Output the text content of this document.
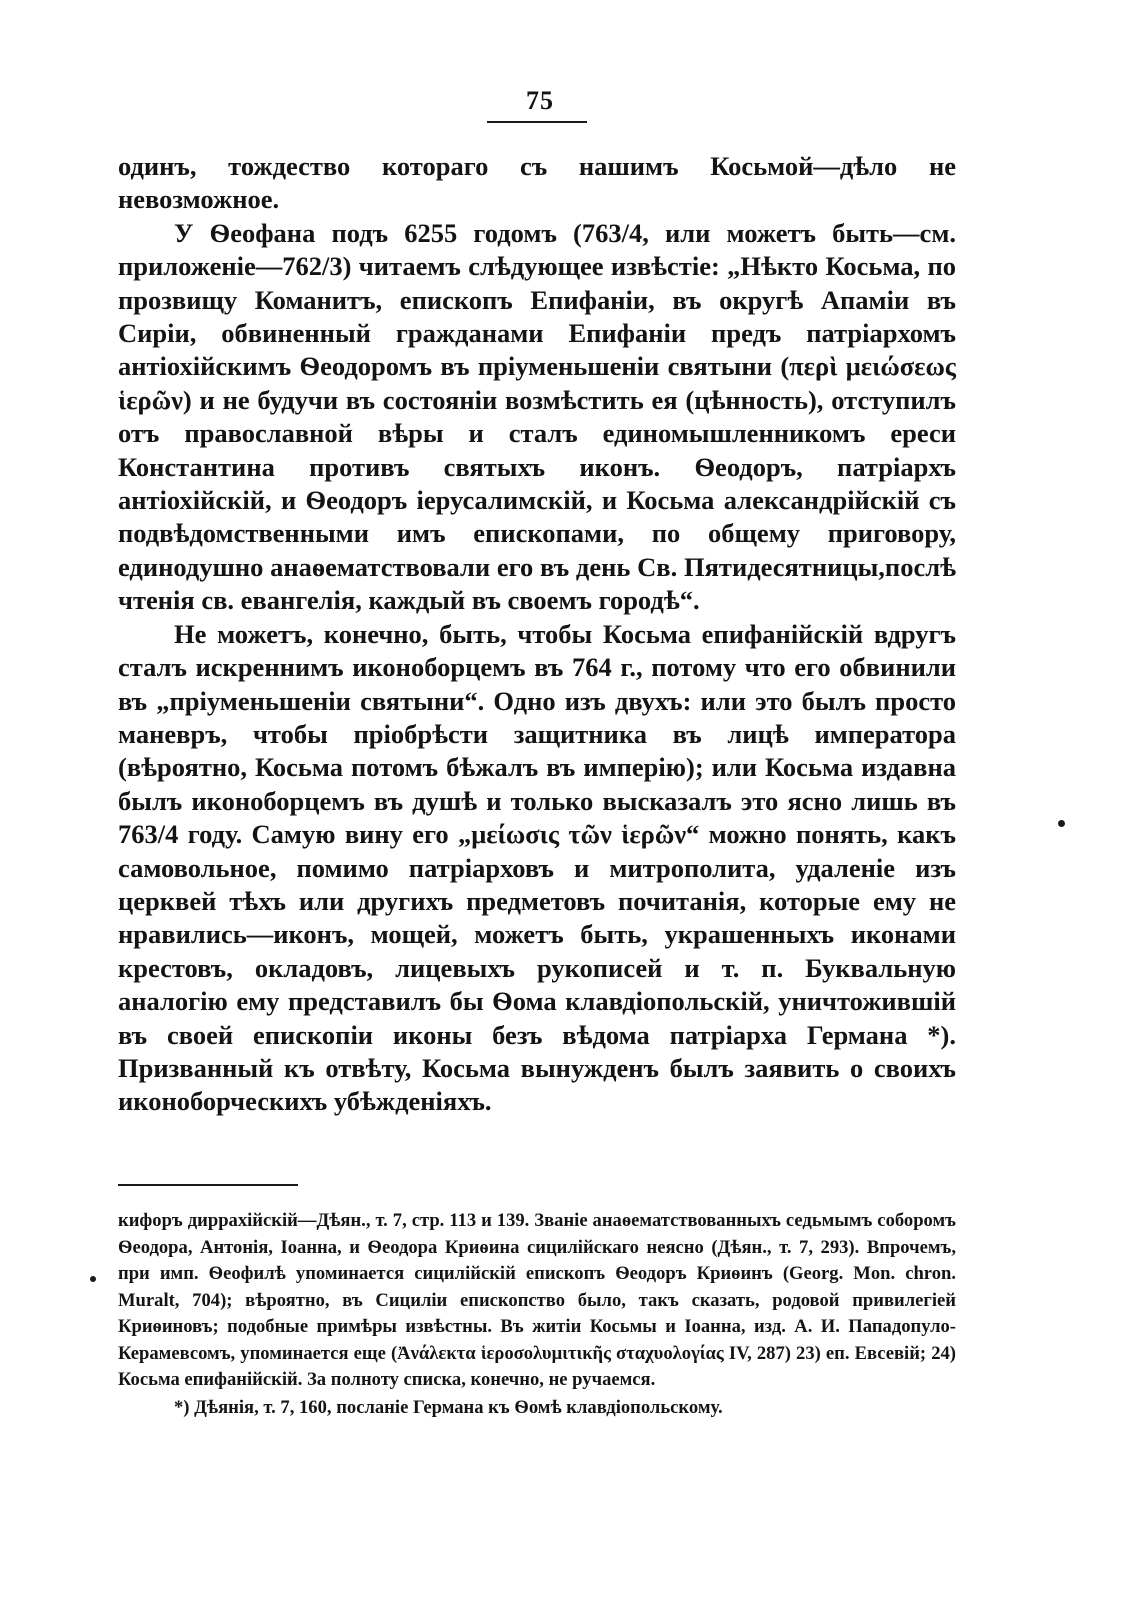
75

одинъ, тождество котораго съ нашимъ Косьмой—дѣло не невозможное.

У Ѳеофана подъ 6255 годомъ (763/4, или можетъ быть—см. приложеніе—762/3) читаемъ слѣдующее извѣстіе: „Нѣкто Косьма, по прозвищу Команитъ, епископъ Епифаніи, въ округѣ Апаміи въ Сиріи, обвиненный гражданами Епифаніи предъ патріархомъ антіохійскимъ Ѳеодоромъ въ пріуменьшеніи святыни (περὶ μειώσεως ἱερῶν) и не будучи въ состояніи возмѣстить ея (цѣнность), отступилъ отъ православной вѣры и сталъ единомышленникомъ ереси Константина противъ святыхъ иконъ. Ѳеодоръ, патріархъ антіохійскій, и Ѳеодоръ іерусалимскій, и Косьма александрійскій съ подвѣдомственными имъ епископами, по общему приговору, единодушно анаѳематствовали его въ день Св. Пятидесятницы,послѣ чтенія св. евангелія, каждый въ своемъ городѣ“.

Не можетъ, конечно, быть, чтобы Косьма епифанійскій вдругъ сталъ искреннимъ иконоборцемъ въ 764 г., потому что его обвинили въ „пріуменьшеніи святыни“. Одно изъ двухъ: или это былъ просто маневръ, чтобы пріобрѣсти защитника въ лицѣ императора (вѣроятно, Косьма потомъ бѣжалъ въ имперію); или Косьма издавна былъ иконоборцемъ въ душѣ и только высказалъ это ясно лишь въ 763/4 году. Самую вину его „μείωσις τῶν ἱερῶν“ можно понять, какъ самовольное, помимо патріарховъ и митрополита, удаленіе изъ церквей тѣхъ или другихъ предметовъ почитанія, которые ему не нравились—иконъ, мощей, можетъ быть, украшенныхъ иконами крестовъ, окладовъ, лицевыхъ рукописей и т. п. Буквальную аналогію ему представилъ бы Ѳома клавдіопольскій, уничтожившій въ своей епископіи иконы безъ вѣдома патріарха Германа *). Призванный къ отвѣту, Косьма вынужденъ былъ заявить о своихъ иконоборческихъ убѣжденіяхъ.

кифоръ диррахійскій—Дѣян., т. 7, стр. 113 и 139. Званіе анаѳематствованныхъ седьмымъ соборомъ Ѳеодора, Антонія, Іоанна, и Ѳеодора Криѳина сицилійскаго неясно (Дѣян., т. 7, 293). Впрочемъ, при имп. Ѳеофилѣ упоминается сицилійскій епископъ Ѳеодоръ Криѳинъ (Georg. Mon. chron. Muralt, 704); вѣроятно, въ Сициліи епископство было, такъ сказать, родовой привилегіей Криѳиновъ; подобные примѣры извѣстны. Въ житіи Косьмы и Іоанна, изд. А. И. Пападопуло-Керамевсомъ, упоминается еще (Ἀνάλεκτα ἱεροσολυμιτικῆς σταχυολογίας IV, 287) 23) еп. Евсевій; 24) Косьма епифанійскій. За полноту списка, конечно, не ручаемся.

*) Дѣянія, т. 7, 160, посланіе Германа къ Ѳомѣ клавдіопольскому.
